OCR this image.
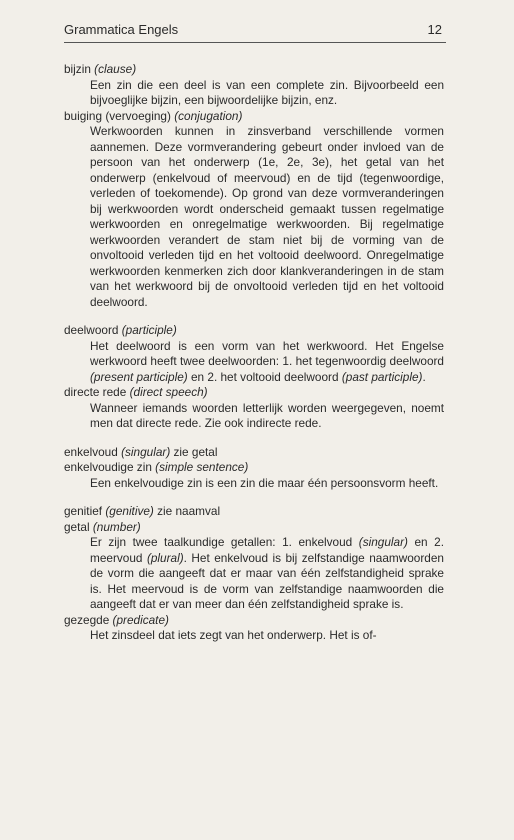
Grammatica Engels	12

bijzin (clause)

Een zin die een deel is van een complete zin. Bijvoorbeeld een bijvoeglijke bijzin, een bijwoordelijke bijzin, enz.

buiging (vervoeging) (conjugation)

Werkwoorden kunnen in zinsverband verschillende vormen aannemen. Deze vormverandering gebeurt onder invloed van de persoon van het onderwerp (1e, 2e, 3e), het getal van het onderwerp (enkelvoud of meervoud) en de tijd (tegenwoordige, verleden of toekomende). Op grond van deze vormveranderingen bij werkwoorden wordt onderscheid gemaakt tussen regelmatige werkwoorden en onregelmatige werkwoorden. Bij regelmatige werkwoorden verandert de stam niet bij de vorming van de onvoltooid verleden tijd en het voltooid deelwoord. Onregelmatige werkwoorden kenmerken zich door klankveranderingen in de stam van het werkwoord bij de onvoltooid verleden tijd en het voltooid deelwoord.

deelwoord (participle)

Het deelwoord is een vorm van het werkwoord. Het Engelse werkwoord heeft twee deelwoorden: 1. het tegenwoordig deelwoord (present participle) en 2. het voltooid deelwoord (past participle).

directe rede (direct speech)

Wanneer iemands woorden letterlijk worden weergegeven, noemt men dat directe rede. Zie ook indirecte rede.

enkelvoud (singular) zie getal

enkelvoudige zin (simple sentence)

Een enkelvoudige zin is een zin die maar één persoonsvorm heeft.

genitief (genitive) zie naamval

getal (number)

Er zijn twee taalkundige getallen: 1. enkelvoud (singular) en 2. meervoud (plural). Het enkelvoud is bij zelfstandige naamwoorden de vorm die aangeeft dat er maar van één zelfstandigheid sprake is. Het meervoud is de vorm van zelfstandige naamwoorden die aangeeft dat er van meer dan één zelfstandigheid sprake is.

gezegde (predicate)

Het zinsdeel dat iets zegt van het onderwerp. Het is of-
